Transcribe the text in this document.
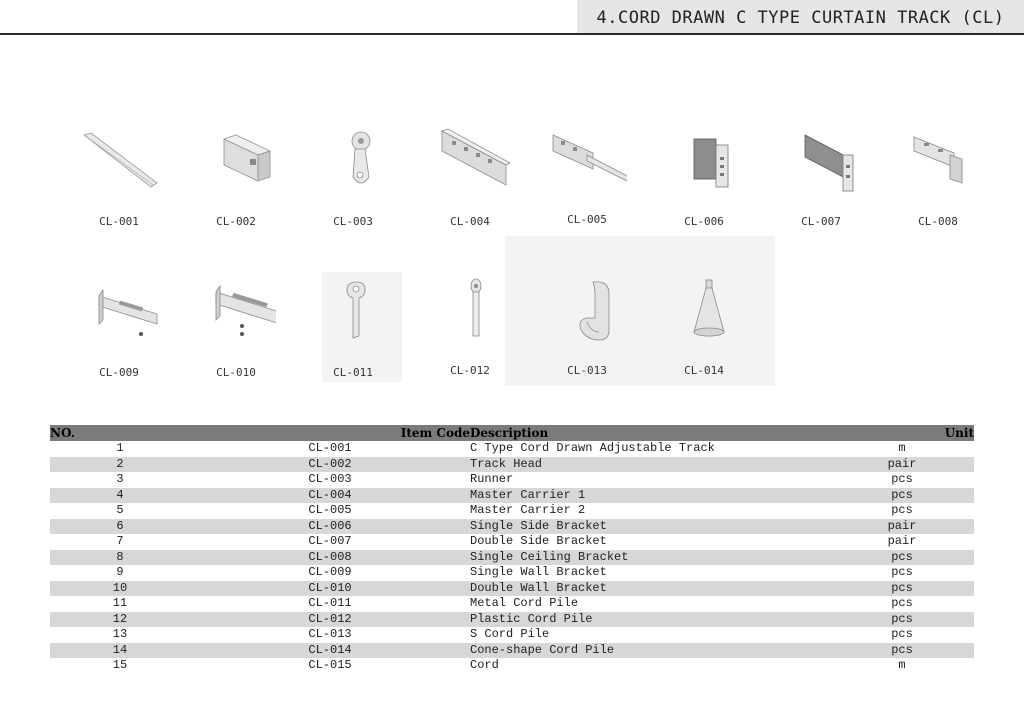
4.CORD DRAWN C TYPE CURTAIN TRACK (CL)
CL-001	CL-002	CL-003	CL-004	CL-005	CL-006	CL-007	CL-008
CL-009	CL-010	CL-011	CL-012	CL-013	CL-014
NO.	Item Code	Description	Unit
1	CL-001	C Type Cord Drawn Adjustable Track	m
2	CL-002	Track Head	pair
3	CL-003	Runner	pcs
4	CL-004	Master Carrier 1	pcs
5	CL-005	Master Carrier 2	pcs
6	CL-006	Single Side Bracket	pair
7	CL-007	Double Side Bracket	pair
8	CL-008	Single Ceiling Bracket	pcs
9	CL-009	Single Wall Bracket	pcs
10	CL-010	Double Wall Bracket	pcs
11	CL-011	Metal Cord Pile	pcs
12	CL-012	Plastic Cord Pile	pcs
13	CL-013	S Cord Pile	pcs
14	CL-014	Cone-shape Cord Pile	pcs
15	CL-015	Cord	m
